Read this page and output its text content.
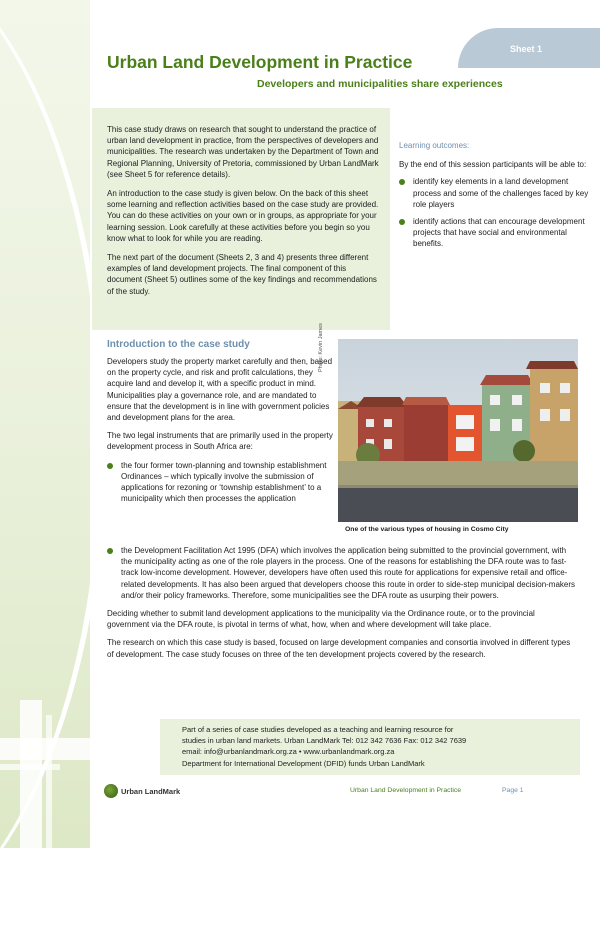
Sheet 1
Urban Land Development in Practice
Developers and municipalities share experiences

This case study draws on research that sought to understand the practice of urban land development in practice, from the perspectives of developers and municipalities. The research was undertaken by the Department of Town and Regional Planning, University of Pretoria, commissioned by Urban LandMark (see Sheet 5 for reference details).

An introduction to the case study is given below. On the back of this sheet some learning and reflection activities based on the case study are provided. You can do these activities on your own or in groups, as appropriate for your learning session. Look carefully at these activities before you begin so you know what to look for while you are reading.

The next part of the document (Sheets 2, 3 and 4) presents three different examples of land development projects. The final component of this document (Sheet 5) outlines some of the key findings and recommendations of the study.

Learning outcomes:

By the end of this session participants will be able to:

identify key elements in a land development process and some of the challenges faced by key role players
identify actions that can encourage development projects that have social and environmental benefits.
Introduction to the case study

Developers study the property market carefully and then, based on the property cycle, and risk and profit calculations, they acquire land and develop it, with a specific product in mind. Municipalities play a governance role, and are mandated to ensure that the development is in line with government policies and development plans for the area.

The two legal instruments that are primarily used in the property development process in South Africa are:

the four former town-planning and township establishment Ordinances – which typically involve the submission of applications for rezoning or ‘township establishment’ to a municipality which then processes the application
Photo: Kevin James
One of the various types of housing in Cosmo City
the Development Facilitation Act 1995 (DFA) which involves the application being submitted to the provincial government, with the municipality acting as one of the role players in the process. One of the reasons for establishing the DFA route was to fast-track low-income development. However, developers have often used this route for applications for expensive retail and office-related developments. It has also been argued that developers choose this route in order to side-step municipal decision-makers and/or their policy frameworks. Therefore, some municipalities see the DFA route as usurping their powers.

Deciding whether to submit land development applications to the municipality via the Ordinance route, or to the provincial government via the DFA route, is pivotal in terms of what, how, when and where development will take place.

The research on which this case study is based, focused on large development companies and consortia involved in different types of development. The case study focuses on three of the ten development projects covered by the research.

Part of a series of case studies developed as a teaching and learning resource for
studies in urban land markets. Urban LandMark Tel: 012 342 7636 Fax: 012 342 7639
email: info@urbanlandmark.org.za • www.urbanlandmark.org.za
Department for International Development (DFID) funds Urban LandMark
Urban LandMark	Urban Land Development in Practice	Page 1
